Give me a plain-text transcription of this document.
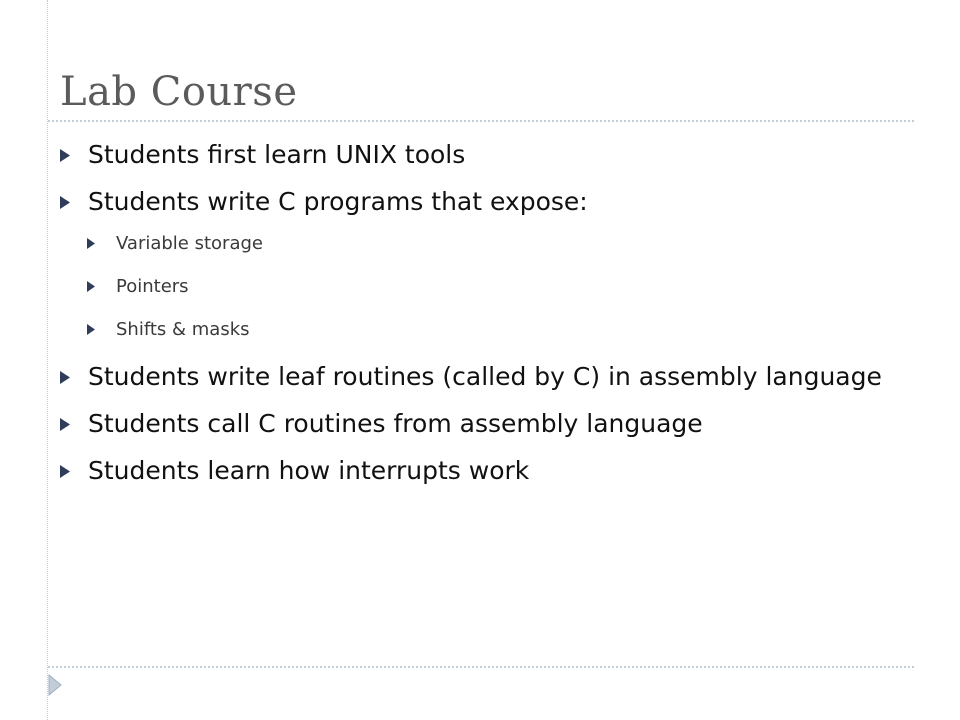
Lab Course
Students first learn UNIX tools
Students write C programs that expose:
Variable storage
Pointers
Shifts & masks
Students write leaf routines (called by C) in assembly language
Students call C routines from assembly language
Students learn how interrupts work
